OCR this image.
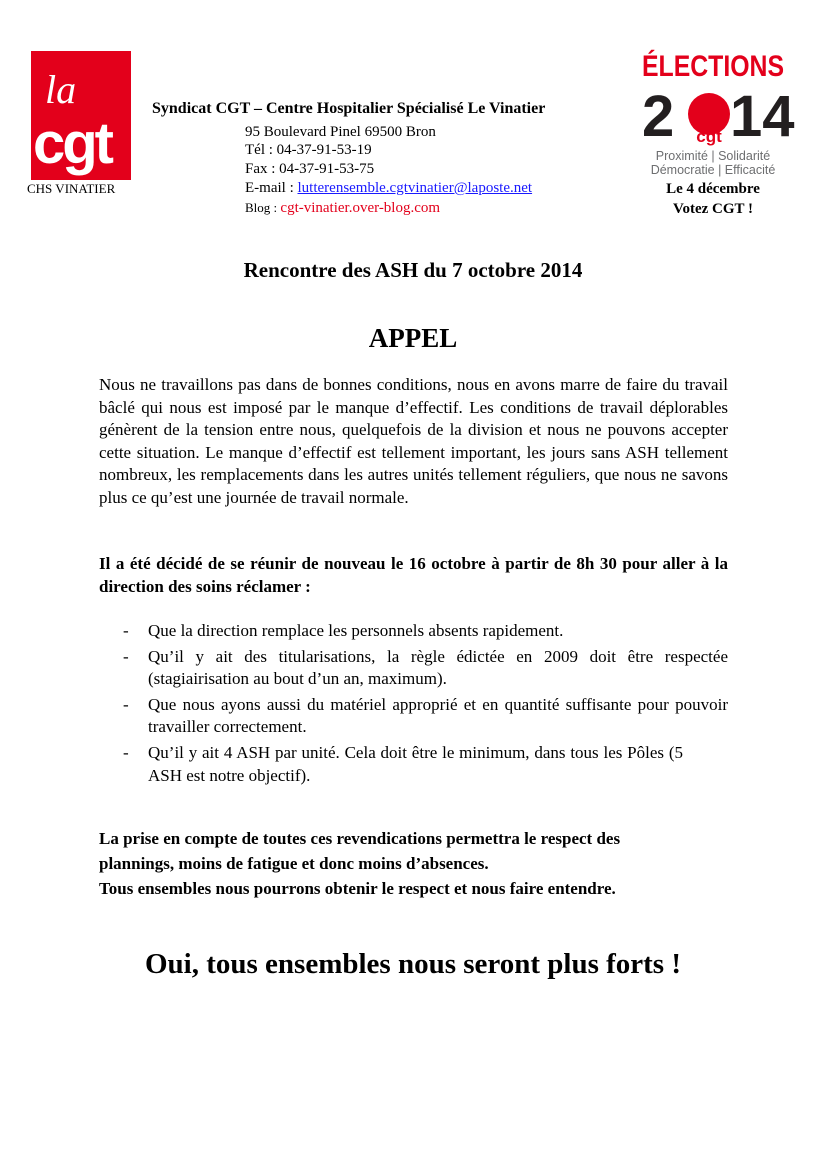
la
cgt
CHS VINATIER
Syndicat CGT – Centre Hospitalier Spécialisé Le Vinatier
95 Boulevard Pinel 69500 Bron
Tél : 04-37-91-53-19
Fax : 04-37-91-53-75
E-mail : lutterensemble.cgtvinatier@laposte.net
Blog : cgt-vinatier.over-blog.com
ÉLECTIONS
2 cgt 14
Proximité | Solidarité
Démocratie | Efficacité
Le 4 décembre
Votez CGT !
Rencontre des ASH du 7 octobre 2014
APPEL

Nous ne travaillons pas dans de bonnes conditions, nous en avons marre de faire du travail bâclé qui nous est imposé par le manque d’effectif. Les conditions de travail déplorables génèrent de la tension entre nous, quelquefois de la division et nous ne pouvons accepter cette situation. Le manque d’effectif est tellement important, les jours sans ASH tellement nombreux, les remplacements dans les autres unités tellement réguliers, que nous ne savons plus ce qu’est une journée de travail normale.

Il a été décidé de se réunir de nouveau le 16 octobre à partir de 8h 30 pour aller à la direction des soins réclamer :

- Que la direction remplace les personnels absents rapidement.
- Qu’il y ait des titularisations, la règle édictée en 2009 doit être respectée (stagiairisation au bout d’un an, maximum).
- Que nous ayons aussi du matériel approprié et en quantité suffisante pour pouvoir travailler correctement.
- Qu’il y ait 4 ASH par unité. Cela doit être le minimum, dans tous les Pôles (5 ASH est notre objectif).

La prise en compte de toutes ces revendications permettra le respect des
plannings, moins de fatigue et donc moins d’absences.
Tous ensembles nous pourrons obtenir le respect et nous faire entendre.

Oui, tous ensembles nous seront plus forts !
